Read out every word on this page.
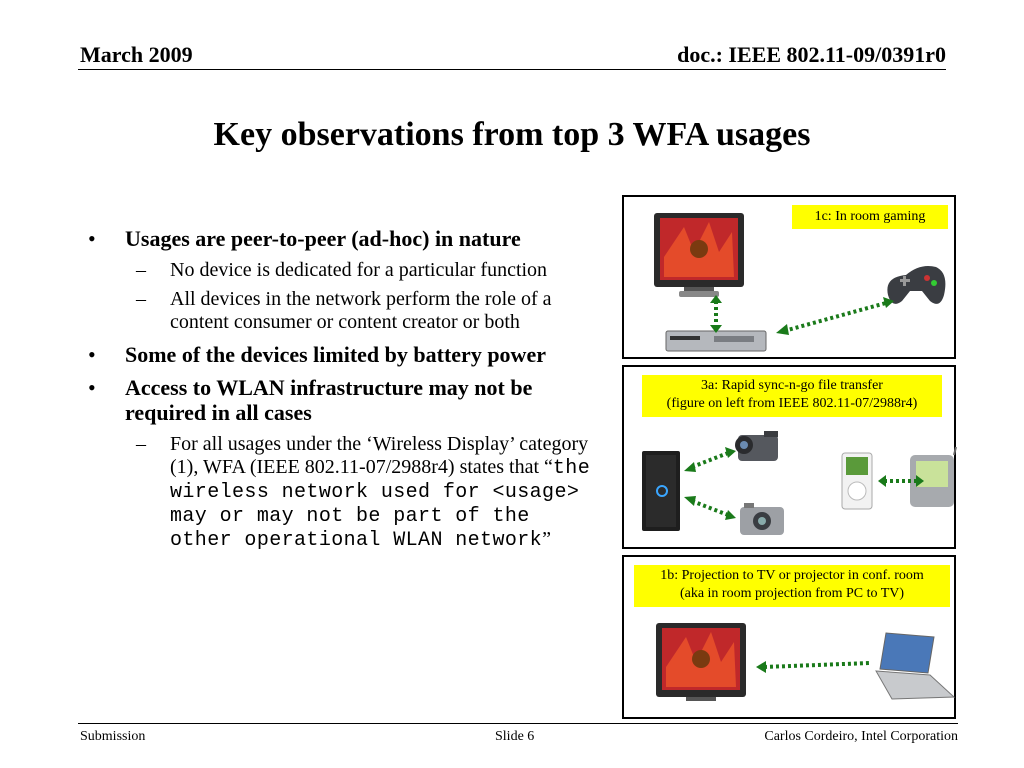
March 2009	doc.: IEEE 802.11-09/0391r0
Key observations from top 3 WFA usages
• Usages are peer-to-peer (ad-hoc) in nature
– No device is dedicated for a particular function
– All devices in the network perform the role of a content consumer or content creator or both
• Some of the devices limited by battery power
• Access to WLAN infrastructure may not be required in all cases
– For all usages under the ‘Wireless Display’ category (1), WFA (IEEE 802.11-07/2988r4) states that “the wireless network used for <usage> may or may not be part of the other operational WLAN network”
1c: In room gaming
3a: Rapid sync-n-go file transfer
(figure on left from IEEE 802.11-07/2988r4)
1b: Projection to TV or projector in conf. room
(aka in room projection from PC to TV)
Submission	Slide 6	Carlos Cordeiro, Intel Corporation
